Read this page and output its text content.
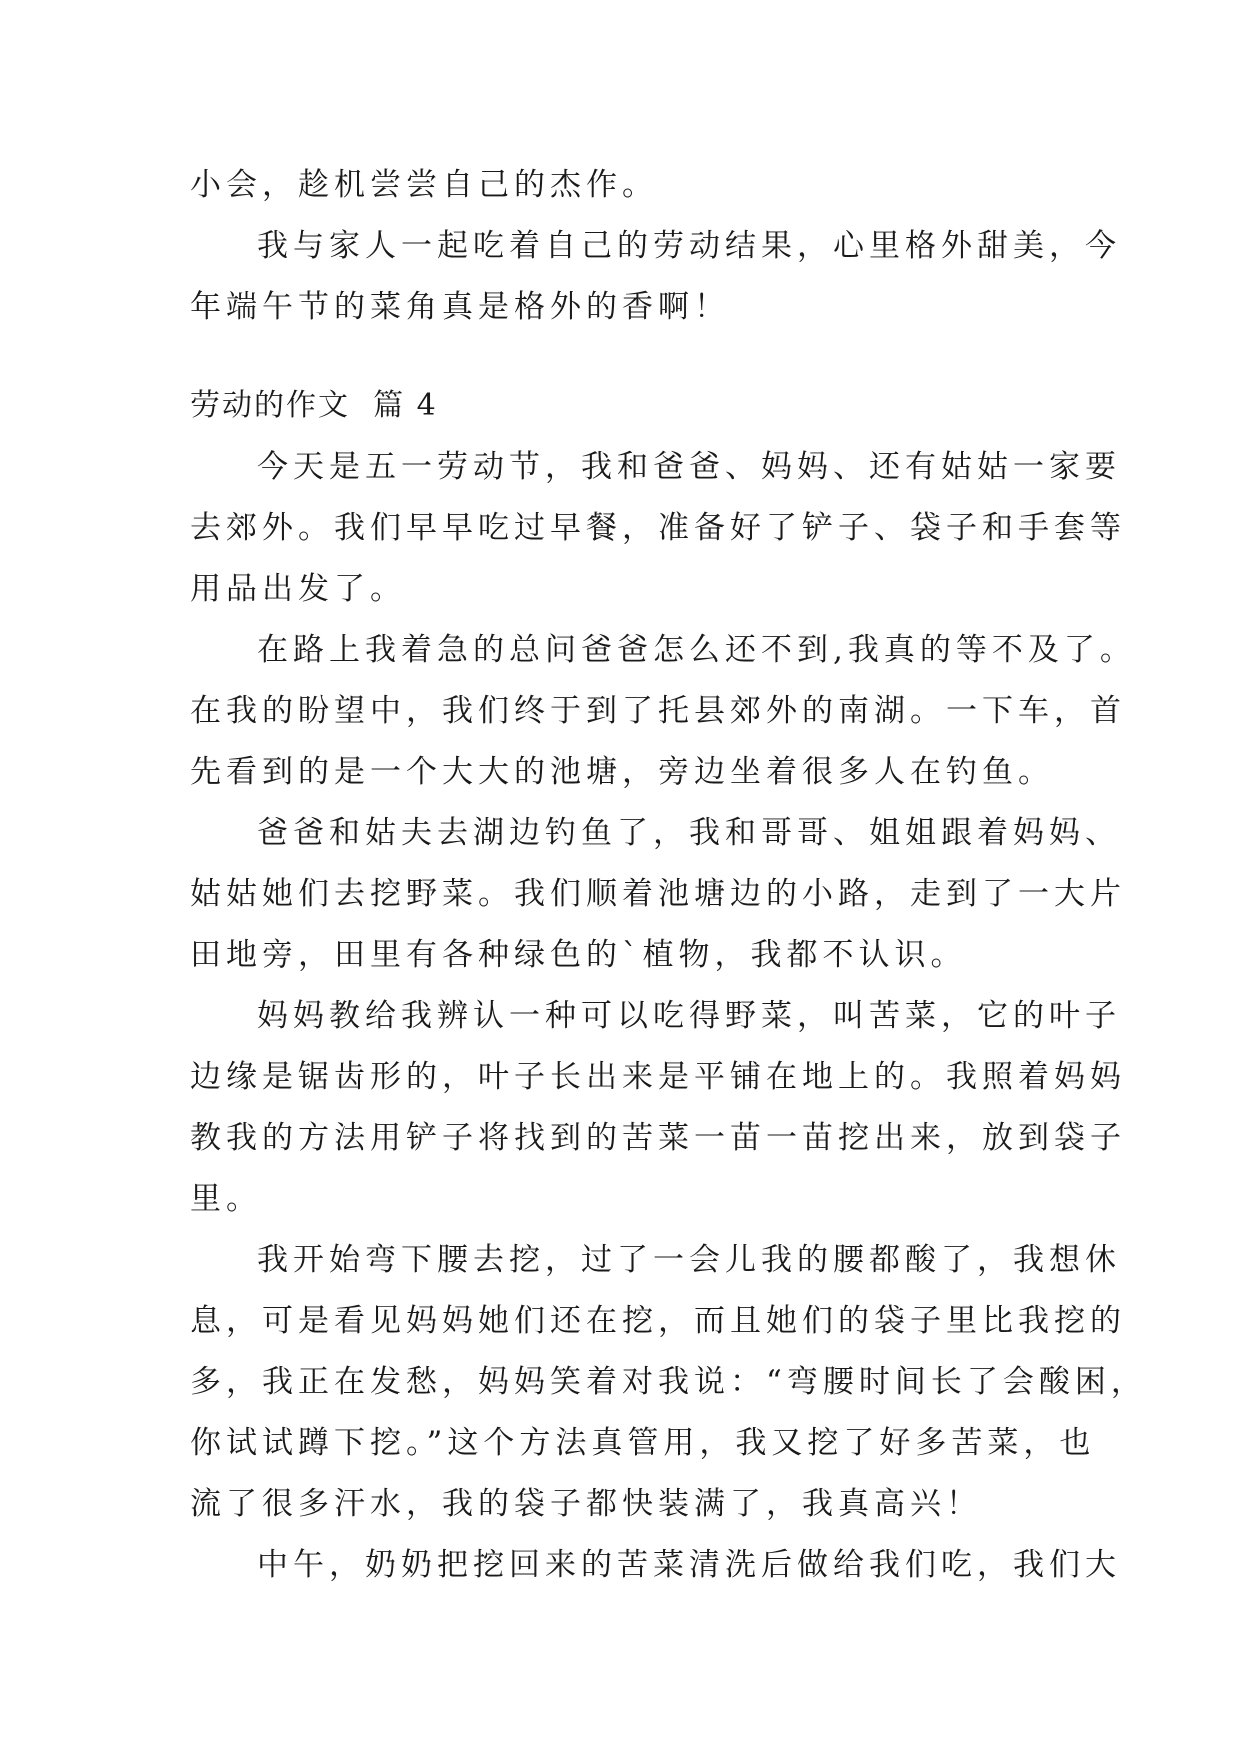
小会，趁机尝尝自己的杰作。
我与家人一起吃着自己的劳动结果，心里格外甜美，今
年端午节的菜角真是格外的香啊！
劳动的作文  篇 4
今天是五一劳动节，我和爸爸、妈妈、还有姑姑一家要
去郊外。我们早早吃过早餐，准备好了铲子、袋子和手套等
用品出发了。
在路上我着急的总问爸爸怎么还不到,我真的等不及了。
在我的盼望中，我们终于到了托县郊外的南湖。一下车，首
先看到的是一个大大的池塘，旁边坐着很多人在钓鱼。
爸爸和姑夫去湖边钓鱼了，我和哥哥、姐姐跟着妈妈、
姑姑她们去挖野菜。我们顺着池塘边的小路，走到了一大片
田地旁，田里有各种绿色的`植物，我都不认识。
妈妈教给我辨认一种可以吃得野菜，叫苦菜，它的叶子
边缘是锯齿形的，叶子长出来是平铺在地上的。我照着妈妈
教我的方法用铲子将找到的苦菜一苗一苗挖出来，放到袋子
里。
我开始弯下腰去挖，过了一会儿我的腰都酸了，我想休
息，可是看见妈妈她们还在挖，而且她们的袋子里比我挖的
多，我正在发愁，妈妈笑着对我说：“弯腰时间长了会酸困，
你试试蹲下挖。”这个方法真管用，我又挖了好多苦菜，也
流了很多汗水，我的袋子都快装满了，我真高兴！
中午，奶奶把挖回来的苦菜清洗后做给我们吃，我们大
